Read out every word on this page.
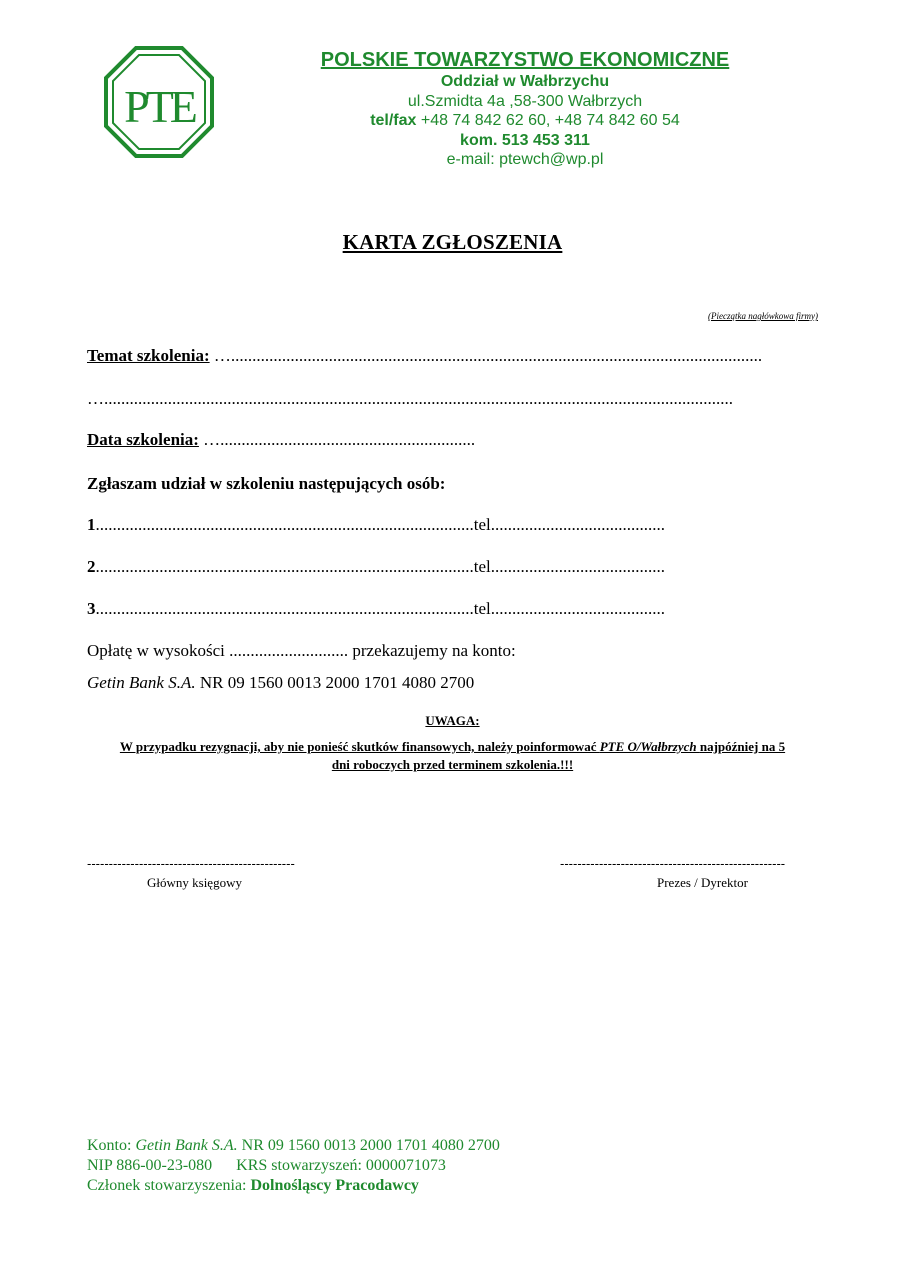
PTE
POLSKIE TOWARZYSTWO EKONOMICZNE
Oddział w Wałbrzychu
ul.Szmidta 4a ,58-300 Wałbrzych
tel/fax +48 74 842 62 60, +48 74 842 60 54
kom. 513 453 311
e-mail: ptewch@wp.pl
KARTA ZGŁOSZENIA
(Pieczątka nagłówkowa firmy)
Temat szkolenia: ….............................................................................................................................
…....................................................................................................................................................
Data szkolenia: …............................................................
Zgłaszam udział w szkoleniu następujących osób:
1.........................................................................................tel.........................................
2.........................................................................................tel.........................................
3.........................................................................................tel.........................................
Opłatę w wysokości ............................ przekazujemy na konto:
Getin Bank S.A. NR 09 1560 0013 2000 1701 4080 2700
UWAGA:
W przypadku rezygnacji, aby nie ponieść skutków finansowych, należy poinformować PTE O/Wałbrzych najpóźniej na 5 dni roboczych przed terminem szkolenia.!!!
------------------------------------------------
Główny księgowy
----------------------------------------------------
Prezes / Dyrektor
Konto: Getin Bank S.A. NR 09 1560 0013 2000 1701 4080 2700
NIP 886-00-23-080      KRS stowarzyszeń: 0000071073
Członek stowarzyszenia: Dolnośląscy Pracodawcy
